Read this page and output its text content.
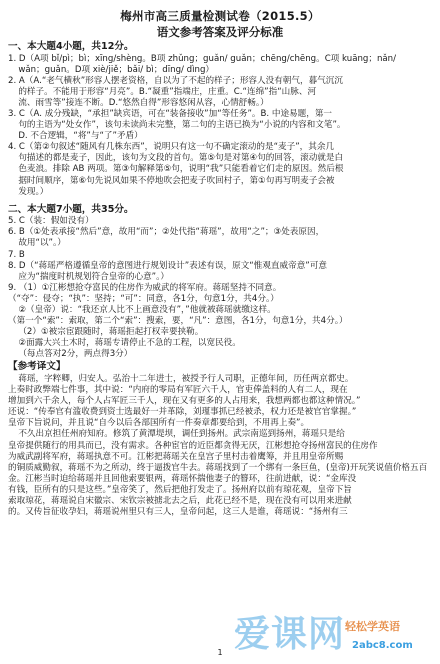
梅州市高三质量检测试卷（2015.5）
语文参考答案及评分标准

一、本大题4小题，共12分。

1. D（A项 bǐ/pì；bì；xīng/shèng。B项 zhǔng；guǎn/ guǎn；chēng/chēng。C项 kuāng；nǎn/

wǎn；guǎn。D项 xiè/jiě；bǎi/ bì；dīng/ dìng）

2. A（A.“老气横秋”形容人摆老资格，自以为了不起的样子；形容人没有朝气，暮气沉沉

的样子。不能用于形容“月亮”。B.“凝重”指端庄，庄重。C.“连绵”指“山脉、河

流、雨雪等”接连不断。D.“悠然自得”形容悠闲从容，心情舒畅。）

3. C（A. 成分残缺，“承担”缺宾语，可在“装备接收”加“等任务”。B. 中途易题，第一

句的主语为“处女作”，该句未读尚未完整，第二句的主语已换为“小说的内容和文笔”。

D. 不合逻辑，“将”与“了”矛盾）

4. C（第②句叙述“随风有几株东西”，说明只有这一句不确定滚动的是“麦子”，其余几

句描述的都是麦子，因此，该句为文段的首句。第⑤句是对第④句的回答，滚动就是白

色麦浪。排除 AB 两项。第③句解释第⑤句，说明“我”只能看着它们走的原因。然后根

据时间顺序，第⑥句先说风如果不停地吹会把麦子吹回村子，第①句再写明麦子会被

发现。）

二、本大题7小题，共35分。

5. C（装：假如没有）

6. B（①处表承接“然后”意，故用“而”；②处代指“蒋瑶”，故用“之”；③处表原因，

故用“以”。）

7. B

8. D（“蒋瑶严格遵循皇帝的意图进行规划设计”表述有误，原文“惟观直威帝意”可意

应为“揣度时机规划符合皇帝的心意”。）

9. （1）①江彬想抢夺富民的住房作为威武的将军府。蒋瑶坚持不同意。

（“夺”：侵夺；“执”：坚持；“可”：同意，各1分，句意1分，共4分。）

②（皇帝）说：“我还京人比不上画意没有”，”他就被蒋瑶就缴这样。

（第一个“索”：索取，第二个“索”：搜索，要，“凡”：意图，各1分，句意1分，共4分。）

（2）①被宗宦跟随时，蒋瑶拒起打权幸要挟勒。

②面露大兴土木时，蒋瑶专请停止不急的工程，以宽民役。

（每点答对2分，两点得3分）

【参考译文】

蒋瑶，字粹卿，归安人。弘治十二年进士，被授予行人司职，正德年间，历任两京都史。

上奏时政弊端七件事，其中说：“内府的零局有军匠六千人，官吏俸盖料的人有二人，现在

增加到六千余人，每个人占军匠三千人，现在又有更多的人占用来，我想两都也都这种情况。”

还说：“传奉官有滥收费到资士选最好一并革除，刘瑾事抓已经被杀，权力还是被官官掌握。”

皇帝下旨说问，并且说“自今以后各部国所有一件奏章都要给到，不用再上奏”。

不久出京担任州府知府。修筑了黄潭堤坝，调任到扬州。武宗南巡到扬州，蒋瑶只是给

皇帝提供随行的用具而已，没有需求。各种宦官的近臣都贪得无厌，江彬想抢夺扬州富民的住房作

为威武副将军府，蒋瑶执意不可。江彬把蒋瑶关在皇宫子里村击着鹰筹，并且用皇帝所赐

的铜质威勤叙，蒋瑶不为之所动，终于逼拨官牛去。蒋瑶找到了一个绑有一条巨鱼，(皇帝)开玩笑说值价格五百

金。江彬当时迫给蒋瑶并且回他索要银两，蒋瑶怀揣他妻子的簪环，往前进献，说：“金库没

有钱，臣所有的只是这些。”皇帝笑了，然后把他打发走了。扬州府以前有琼花观，皇帝下旨

索取琼花，蒋瑶说自宋徽宗、宋钦宗被掳北去之后，此花已经不是，现在没有可以用来进献

的。又传旨征收孕妇，蒋瑶说州里只有三人，皇帝问起，这三人是谁，蒋瑶说：“扬州有三

爱课网 轻松学英语
2abc8.com
1
